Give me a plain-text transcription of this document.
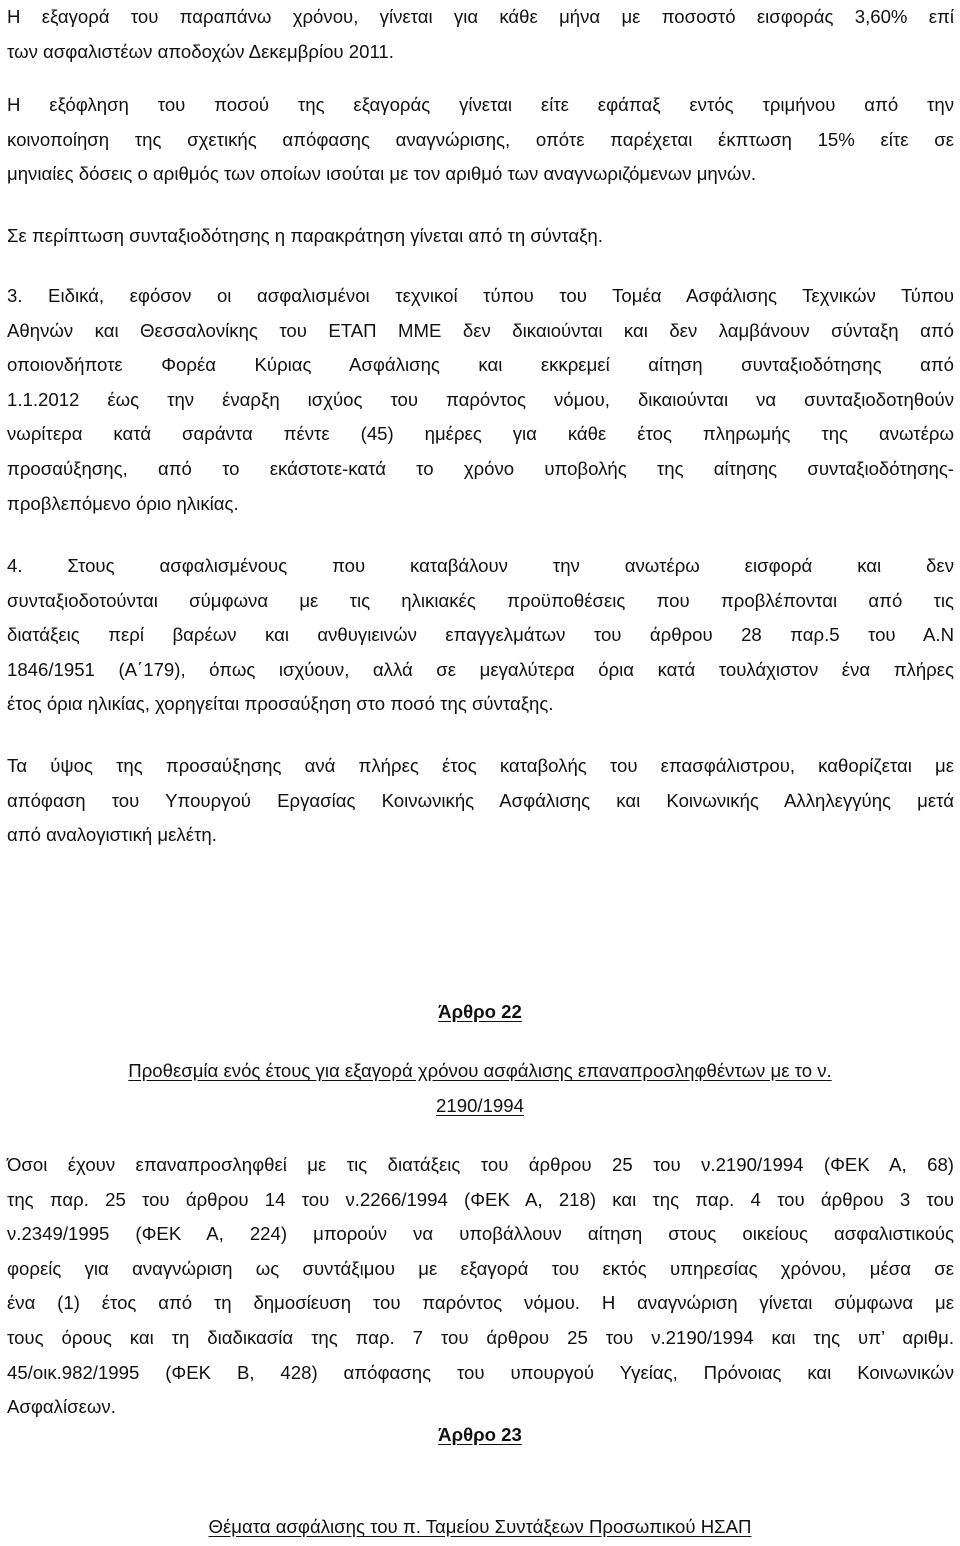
Η εξαγορά του παραπάνω χρόνου, γίνεται για κάθε μήνα με ποσοστό εισφοράς 3,60% επί
των ασφαλιστέων αποδοχών Δεκεμβρίου 2011.
Η εξόφληση του ποσού της εξαγοράς γίνεται είτε εφάπαξ εντός τριμήνου από την
κοινοποίηση της σχετικής απόφασης αναγνώρισης, οπότε παρέχεται έκπτωση 15% είτε σε
μηνιαίες δόσεις ο αριθμός των οποίων ισούται με τον αριθμό των αναγνωριζόμενων μηνών.
Σε περίπτωση συνταξιοδότησης η παρακράτηση γίνεται από τη σύνταξη.
3. Ειδικά, εφόσον οι ασφαλισμένοι τεχνικοί τύπου του Τομέα Ασφάλισης Τεχνικών Τύπου
Αθηνών και Θεσσαλονίκης του ΕΤΑΠ ΜΜΕ δεν δικαιούνται και δεν λαμβάνουν σύνταξη από
οποιονδήποτε Φορέα Κύριας Ασφάλισης και εκκρεμεί αίτηση συνταξιοδότησης από
1.1.2012 έως την έναρξη ισχύος του παρόντος νόμου, δικαιούνται να συνταξιοδοτηθούν
νωρίτερα κατά σαράντα πέντε (45) ημέρες για κάθε έτος πληρωμής της ανωτέρω
προσαύξησης, από το εκάστοτε-κατά το χρόνο υποβολής της αίτησης συνταξιοδότησης-
προβλεπόμενο όριο ηλικίας.
4. Στους ασφαλισμένους που καταβάλουν την ανωτέρω εισφορά και δεν
συνταξιοδοτούνται σύμφωνα με τις ηλικιακές προϋποθέσεις που προβλέπονται από τις
διατάξεις περί βαρέων και ανθυγιεινών επαγγελμάτων του άρθρου 28 παρ.5 του Α.Ν
1846/1951 (Α΄179), όπως ισχύουν, αλλά σε μεγαλύτερα όρια κατά τουλάχιστον ένα πλήρες
έτος όρια ηλικίας, χορηγείται προσαύξηση στο ποσό της σύνταξης.
Τα ύψος της προσαύξησης ανά πλήρες έτος καταβολής του επασφάλιστρου, καθορίζεται με
απόφαση του Υπουργού Εργασίας Κοινωνικής Ασφάλισης και Κοινωνικής Αλληλεγγύης μετά
από αναλογιστική μελέτη.
Άρθρο 22
Προθεσμία ενός έτους για εξαγορά χρόνου ασφάλισης επαναπροσληφθέντων με το ν.
2190/1994
Όσοι έχουν επαναπροσληφθεί με τις διατάξεις του άρθρου 25 του ν.2190/1994 (ΦΕΚ Α, 68)
της παρ. 25 του άρθρου 14 του ν.2266/1994 (ΦΕΚ Α, 218) και της παρ. 4 του άρθρου 3 του
ν.2349/1995 (ΦΕΚ Α, 224) μπορούν να υποβάλλουν αίτηση στους οικείους ασφαλιστικούς
φορείς για αναγνώριση ως συντάξιμου με εξαγορά του εκτός υπηρεσίας χρόνου, μέσα σε
ένα (1) έτος από τη δημοσίευση του παρόντος νόμου. Η αναγνώριση γίνεται σύμφωνα με
τους όρους και τη διαδικασία της παρ. 7 του άρθρου 25 του ν.2190/1994 και της υπ’ αριθμ.
45/οικ.982/1995 (ΦΕΚ Β, 428) απόφασης του υπουργού Υγείας, Πρόνοιας και Κοινωνικών
Ασφαλίσεων.
Άρθρο 23
Θέματα ασφάλισης του π. Ταμείου Συντάξεων Προσωπικού ΗΣΑΠ
